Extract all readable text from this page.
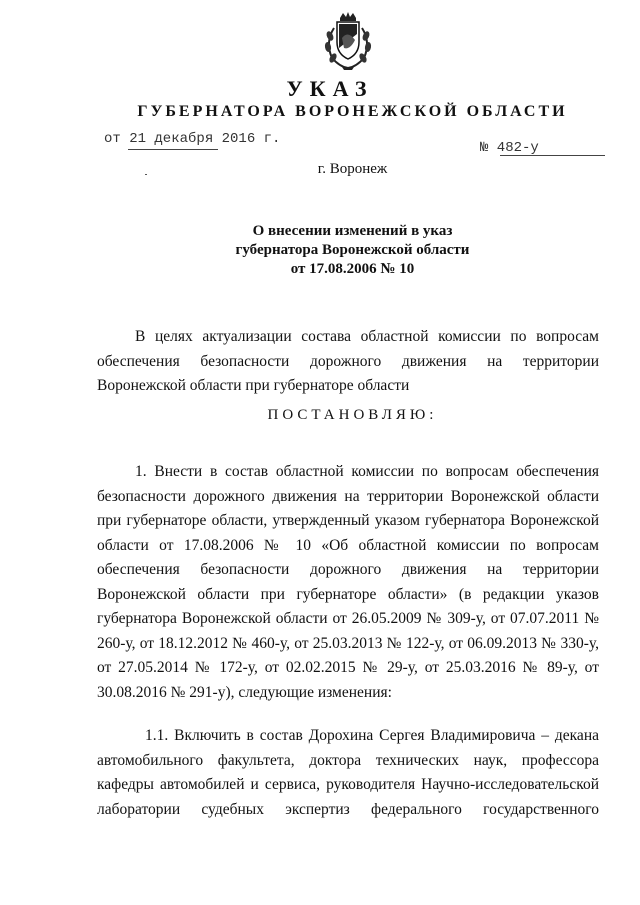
УКАЗ
ГУБЕРНАТОРА ВОРОНЕЖСКОЙ ОБЛАСТИ
от 21 декабря 2016 г.
№ 482-у
г. Воронеж
О внесении изменений в указ
губернатора Воронежской области
от 17.08.2006 № 10
В целях актуализации состава областной комиссии по вопросам обеспечения безопасности дорожного движения на территории Воронежской области при губернаторе области
ПОСТАНОВЛЯЮ:
1. Внести в состав областной комиссии по вопросам обеспечения безопасности дорожного движения на территории Воронежской области при губернаторе области, утвержденный указом губернатора Воронежской области от 17.08.2006 № 10 «Об областной комиссии по вопросам обеспечения безопасности дорожного движения на территории Воронежской области при губернаторе области» (в редакции указов губернатора Воронежской области от 26.05.2009 № 309-у, от 07.07.2011 № 260-у, от 18.12.2012 № 460-у, от 25.03.2013 № 122-у, от 06.09.2013 № 330-у, от 27.05.2014 № 172-у, от 02.02.2015 № 29-у, от 25.03.2016 № 89-у, от 30.08.2016 № 291-у), следующие изменения:
1.1. Включить в состав Дорохина Сергея Владимировича – декана автомобильного факультета, доктора технических наук, профессора кафедры автомобилей и сервиса, руководителя Научно-исследовательской лаборатории судебных экспертиз федерального государственного
